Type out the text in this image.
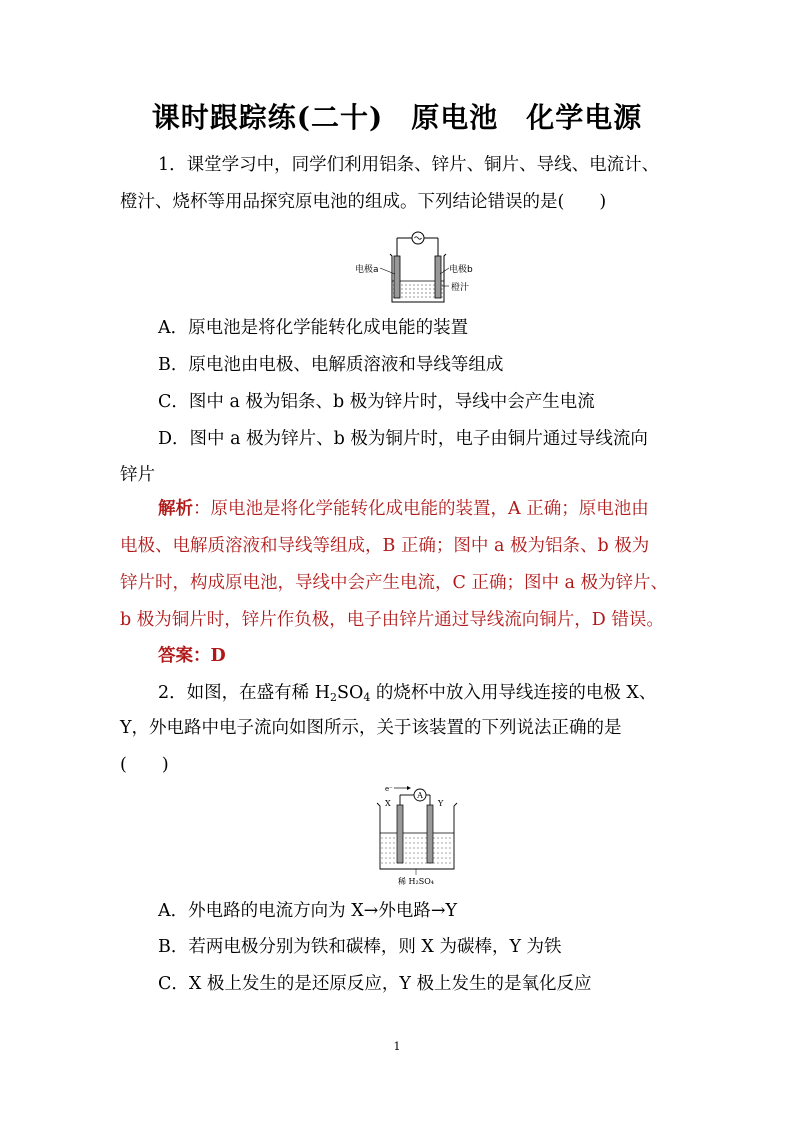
课时跟踪练(二十) 原电池 化学电源
1．课堂学习中，同学们利用铝条、锌片、铜片、导线、电流计、
橙汁、烧杯等用品探究原电池的组成。下列结论错误的是(　　)
电极a	电极b
橙汁
A．原电池是将化学能转化成电能的装置
B．原电池由电极、电解质溶液和导线等组成
C．图中 a 极为铝条、b 极为锌片时，导线中会产生电流
D．图中 a 极为锌片、b 极为铜片时，电子由铜片通过导线流向
锌片
解析：原电池是将化学能转化成电能的装置，A 正确；原电池由
电极、电解质溶液和导线等组成，B 正确；图中 a 极为铝条、b 极为
锌片时，构成原电池，导线中会产生电流，C 正确；图中 a 极为锌片、
b 极为铜片时，锌片作负极，电子由锌片通过导线流向铜片，D 错误。
答案：D
2．如图，在盛有稀 $H_2SO_4$ 的烧杯中放入用导线连接的电极 X、
Y，外电路中电子流向如图所示，关于该装置的下列说法正确的是
(　　)
e⁻
A
X	Y
稀 H₂SO₄
A．外电路的电流方向为 X→外电路→Y
B．若两电极分别为铁和碳棒，则 X 为碳棒，Y 为铁
C．X 极上发生的是还原反应，Y 极上发生的是氧化反应
1
